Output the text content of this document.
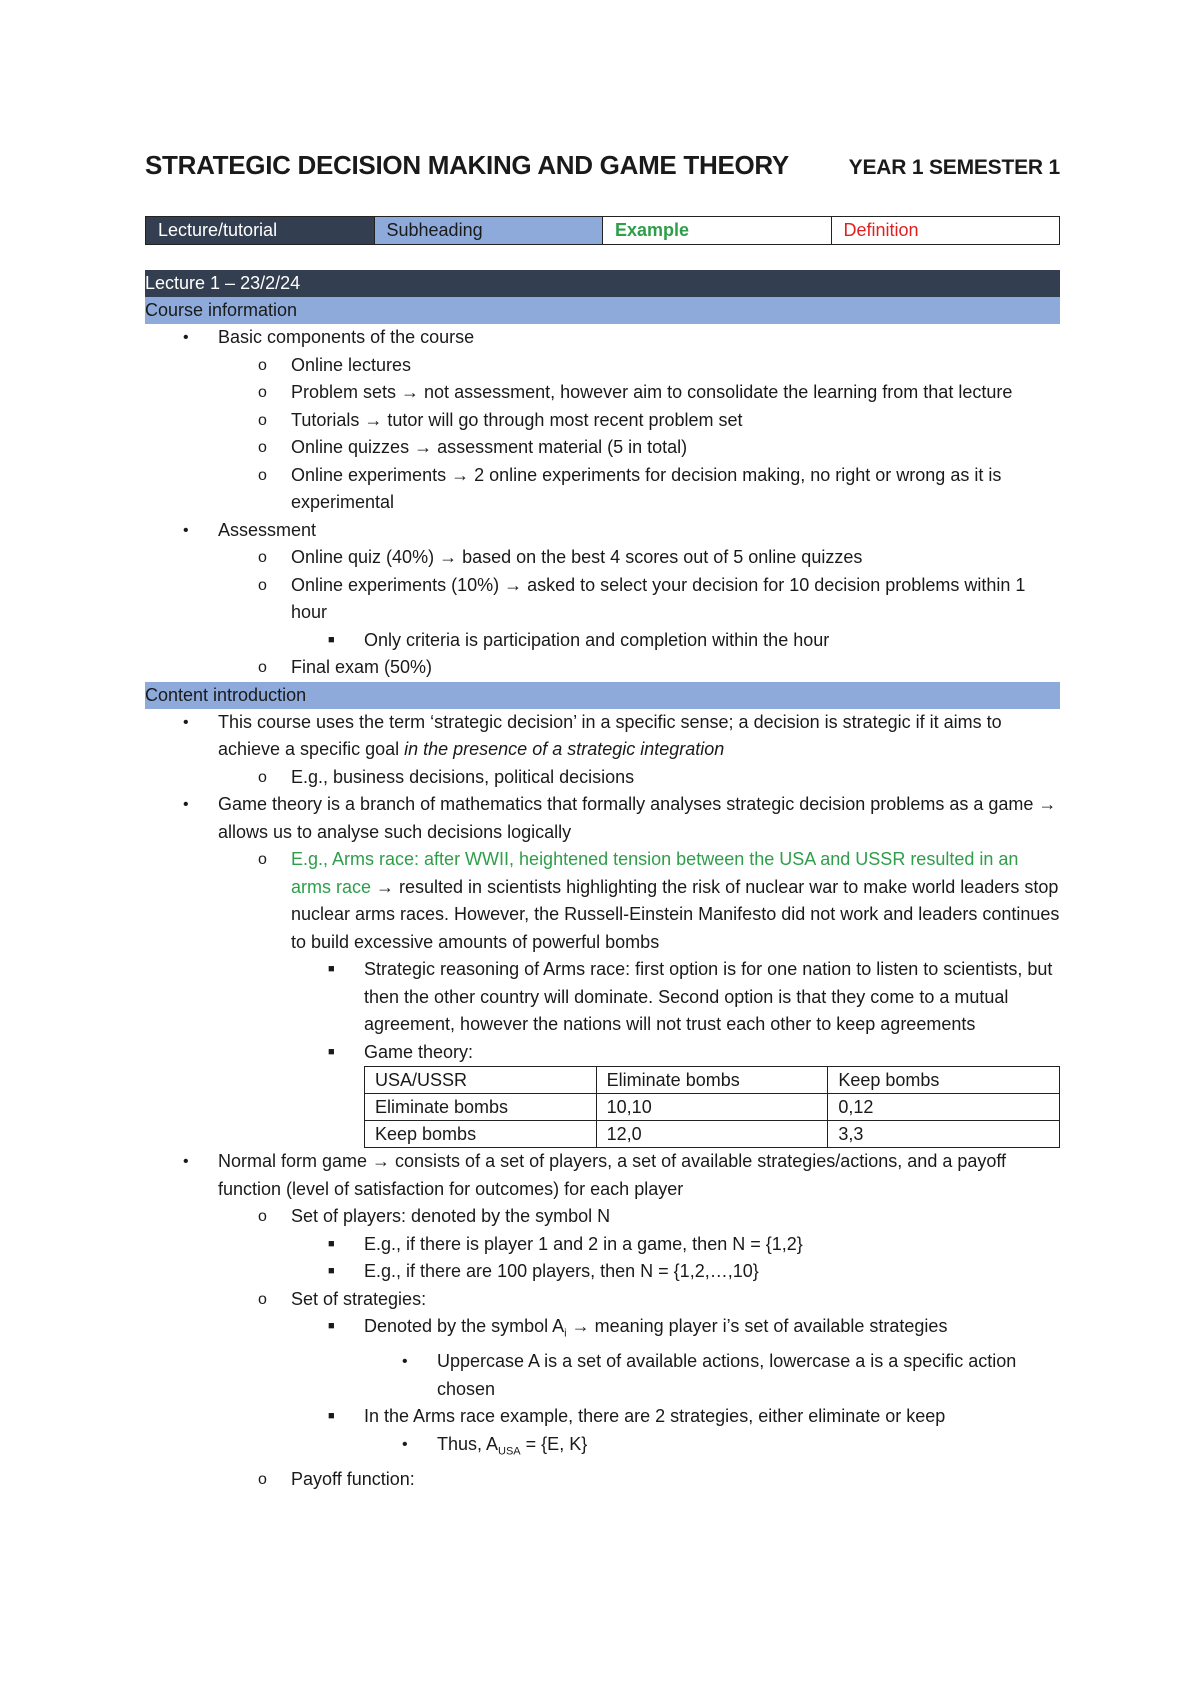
STRATEGIC DECISION MAKING AND GAME THEORY	YEAR 1 SEMESTER 1
Lecture/tutorial	Subheading	Example	Definition
Lecture 1 – 23/2/24
Course information
• Basic components of the course
o Online lectures
o Problem sets → not assessment, however aim to consolidate the learning from that lecture
o Tutorials → tutor will go through most recent problem set
o Online quizzes → assessment material (5 in total)
o Online experiments → 2 online experiments for decision making, no right or wrong as it is experimental
• Assessment
o Online quiz (40%) → based on the best 4 scores out of 5 online quizzes
o Online experiments (10%) → asked to select your decision for 10 decision problems within 1 hour
■ Only criteria is participation and completion within the hour
o Final exam (50%)
Content introduction
• This course uses the term ‘strategic decision’ in a specific sense; a decision is strategic if it aims to achieve a specific goal in the presence of a strategic integration
o E.g., business decisions, political decisions
• Game theory is a branch of mathematics that formally analyses strategic decision problems as a game → allows us to analyse such decisions logically
o E.g., Arms race: after WWII, heightened tension between the USA and USSR resulted in an arms race → resulted in scientists highlighting the risk of nuclear war to make world leaders stop nuclear arms races. However, the Russell-Einstein Manifesto did not work and leaders continues to build excessive amounts of powerful bombs
■ Strategic reasoning of Arms race: first option is for one nation to listen to scientists, but then the other country will dominate. Second option is that they come to a mutual agreement, however the nations will not trust each other to keep agreements
■ Game theory:
USA/USSR	Eliminate bombs	Keep bombs
Eliminate bombs	10,10	0,12
Keep bombs	12,0	3,3
• Normal form game → consists of a set of players, a set of available strategies/actions, and a payoff function (level of satisfaction for outcomes) for each player
o Set of players: denoted by the symbol N
■ E.g., if there is player 1 and 2 in a game, then N = {1,2}
■ E.g., if there are 100 players, then N = {1,2,…,10}
o Set of strategies:
■ Denoted by the symbol $A_i$ → meaning player i’s set of available strategies
• Uppercase A is a set of available actions, lowercase a is a specific action chosen
■ In the Arms race example, there are 2 strategies, either eliminate or keep
• Thus, $A_{USA} = \{E$, K}
o Payoff function:
